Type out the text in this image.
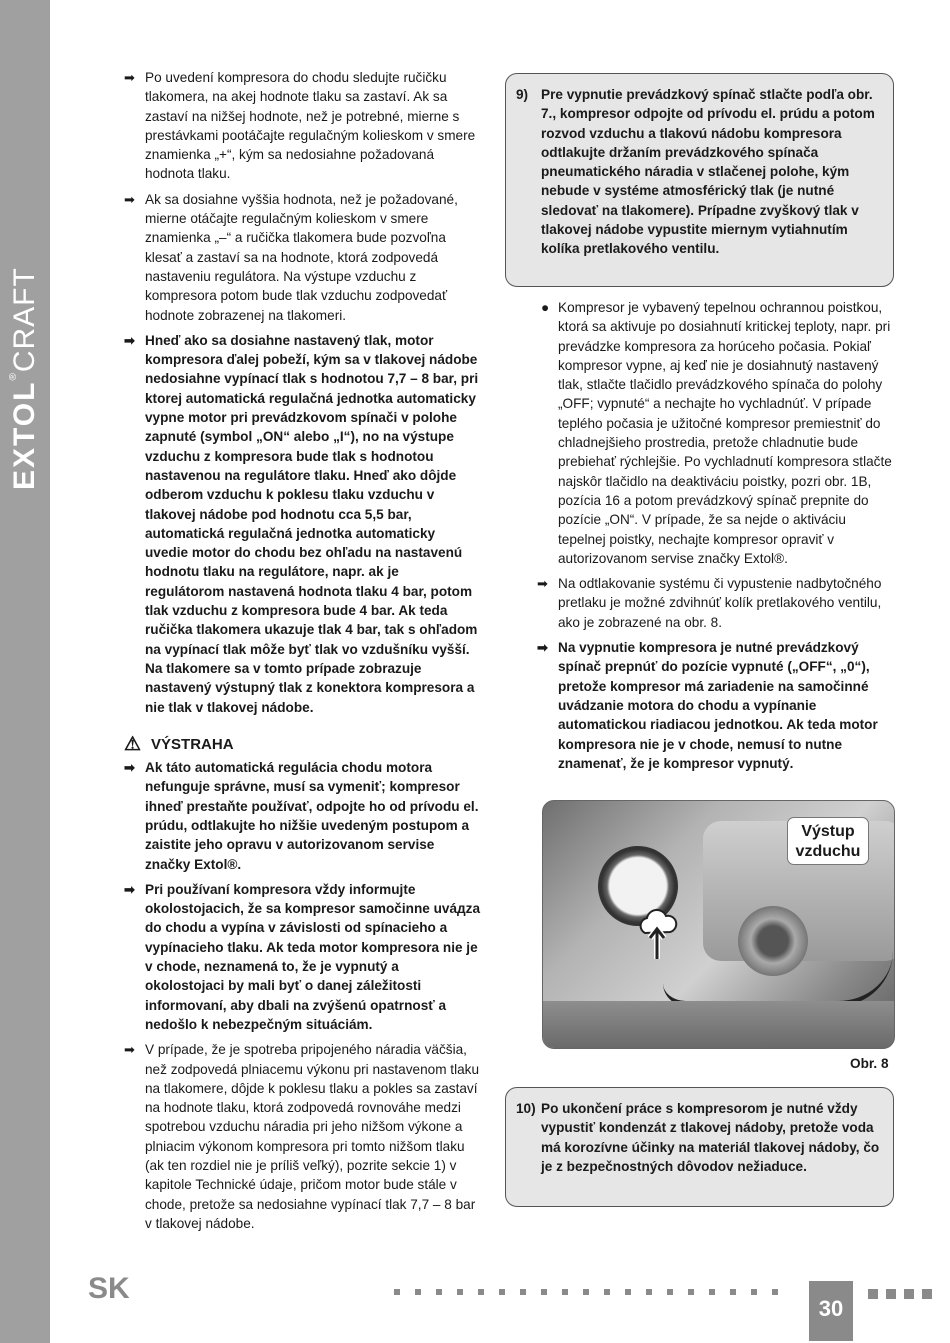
EXTOL®CRAFT

➡ Po uvedení kompresora do chodu sledujte ručičku tlakomera, na akej hodnote tlaku sa zastaví. Ak sa zastaví na nižšej hodnote, než je potrebné, mierne s prestávkami pootáčajte regulačným kolieskom v smere znamienka „+“, kým sa nedosiahne požadovaná hodnota tlaku.

➡ Ak sa dosiahne vyššia hodnota, než je požadované, mierne otáčajte regulačným kolieskom v smere znamienka „–“ a ručička tlakomera bude pozvoľna klesať a zastaví sa na hodnote, ktorá zodpovedá nastaveniu regulátora. Na výstupe vzduchu z kompresora potom bude tlak vzduchu zodpovedať hodnote zobrazenej na tlakomeri.

➡ Hneď ako sa dosiahne nastavený tlak, motor kompresora ďalej pobeží, kým sa v tlakovej nádobe nedosiahne vypínací tlak s hodnotou 7,7 – 8 bar, pri ktorej automatická regulačná jednotka automaticky vypne motor pri prevádzkovom spínači v polohe zapnuté (symbol „ON“ alebo „I“), no na výstupe vzduchu z kompresora bude tlak s hodnotou nastavenou na regulátore tlaku. Hneď ako dôjde odberom vzduchu k poklesu tlaku vzduchu v tlakovej nádobe pod hodnotu cca 5,5 bar, automatická regulačná jednotka automaticky uvedie motor do chodu bez ohľadu na nastavenú hodnotu tlaku na regulátore, napr. ak je regulátorom nastavená hodnota tlaku 4 bar, potom tlak vzduchu z kompresora bude 4 bar. Ak teda ručička tlakomera ukazuje tlak 4 bar, tak s ohľadom na vypínací tlak môže byť tlak vo vzdušníku vyšší. Na tlakomere sa v tomto prípade zobrazuje nastavený výstupný tlak z konektora kompresora a nie tlak v tlakovej nádobe.

⚠ VÝSTRAHA

➡ Ak táto automatická regulácia chodu motora nefunguje správne, musí sa vymeniť; kompresor ihneď prestaňte používať, odpojte ho od prívodu el. prúdu, odtlakujte ho nižšie uvedeným postupom a zaistite jeho opravu v autorizovanom servise značky Extol®.

➡ Pri používaní kompresora vždy informujte okolostojacich, že sa kompresor samočinne uváдza do chodu a vypína v závislosti od spínacieho a vypínacieho tlaku. Ak teda motor kompresora nie je v chode, neznamená to, že je vypnutý a okolostojaci by mali byť o danej záležitosti informovaní, aby dbali na zvýšenú opatrnosť a nedošlo k nebezpečným situáciám.

➡ V prípade, že je spotreba pripojeného náradia väčšia, než zodpovedá plniacemu výkonu pri nastavenom tlaku na tlakomere, dôjde k poklesu tlaku a pokles sa zastaví na hodnote tlaku, ktorá zodpovedá rovnováhe medzi spotrebou vzduchu náradia pri jeho nižšom výkone a plniacim výkonom kompresora pri tomto nižšom tlaku (ak ten rozdiel nie je príliš veľký), pozrite sekcie 1) v kapitole Technické údaje, pričom motor bude stále v chode, pretože sa nedosiahne vypínací tlak 7,7 – 8 bar v tlakovej nádobe.

9) Pre vypnutie prevádzkový spínač stlačte podľa obr. 7., kompresor odpojte od prívodu el. prúdu a potom rozvod vzduchu a tlakovú nádobu kompresora odtlakujte držaním prevádzkového spínača pneumatického náradia v stlačenej polohe, kým nebude v systéme atmosférický tlak (je nutné sledovať na tlakomere). Prípadne zvyškový tlak v tlakovej nádobe vypustite miernym vytiahnutím kolíka pretlakového ventilu.

● Kompresor je vybavený tepelnou ochrannou poistkou, ktorá sa aktivuje po dosiahnutí kritickej teploty, napr. pri prevádzke kompresora za horúceho počasia. Pokiaľ kompresor vypne, aj keď nie je dosiahnutý nastavený tlak, stlačte tlačidlo prevádzkového spínača do polohy „OFF; vypnuté“ a nechajte ho vychladnúť. V prípade teplého počasia je užitočné kompresor premiestniť do chladnejšieho prostredia, pretože chladnutie bude prebiehať rýchlejšie. Po vychladnutí kompresora stlačte najskôr tlačidlo na deaktiváciu poistky, pozri obr. 1B, pozícia 16 a potom prevádzkový spínač prepnite do pozície „ON“. V prípade, že sa nejde o aktiváciu tepelnej poistky, nechajte kompresor opraviť v autorizovanom servise značky Extol®.

➡ Na odtlakovanie systému či vypustenie nadbytočného pretlaku je možné zdvihnúť kolík pretlakového ventilu, ako je zobrazené na obr. 8.

➡ Na vypnutie kompresora je nutné prevádzkový spínač prepnúť do pozície vypnuté („OFF“, „0“), pretože kompresor má zariadenie na samočinné uvádzanie motora do chodu a vypínanie automatickou riadiacou jednotkou. Ak teda motor kompresora nie je v chode, nemusí to nutne znamenať, že je kompresor vypnutý.

Výstup
vzduchu
Obr. 8
10) Po ukončení práce s kompresorom je nutné vždy vypustiť kondenzát z tlakovej nádoby, pretože voda má korozívne účinky na materiál tlakovej nádoby, čo je z bezpečnostných dôvodov nežiaduce.
SK
30
